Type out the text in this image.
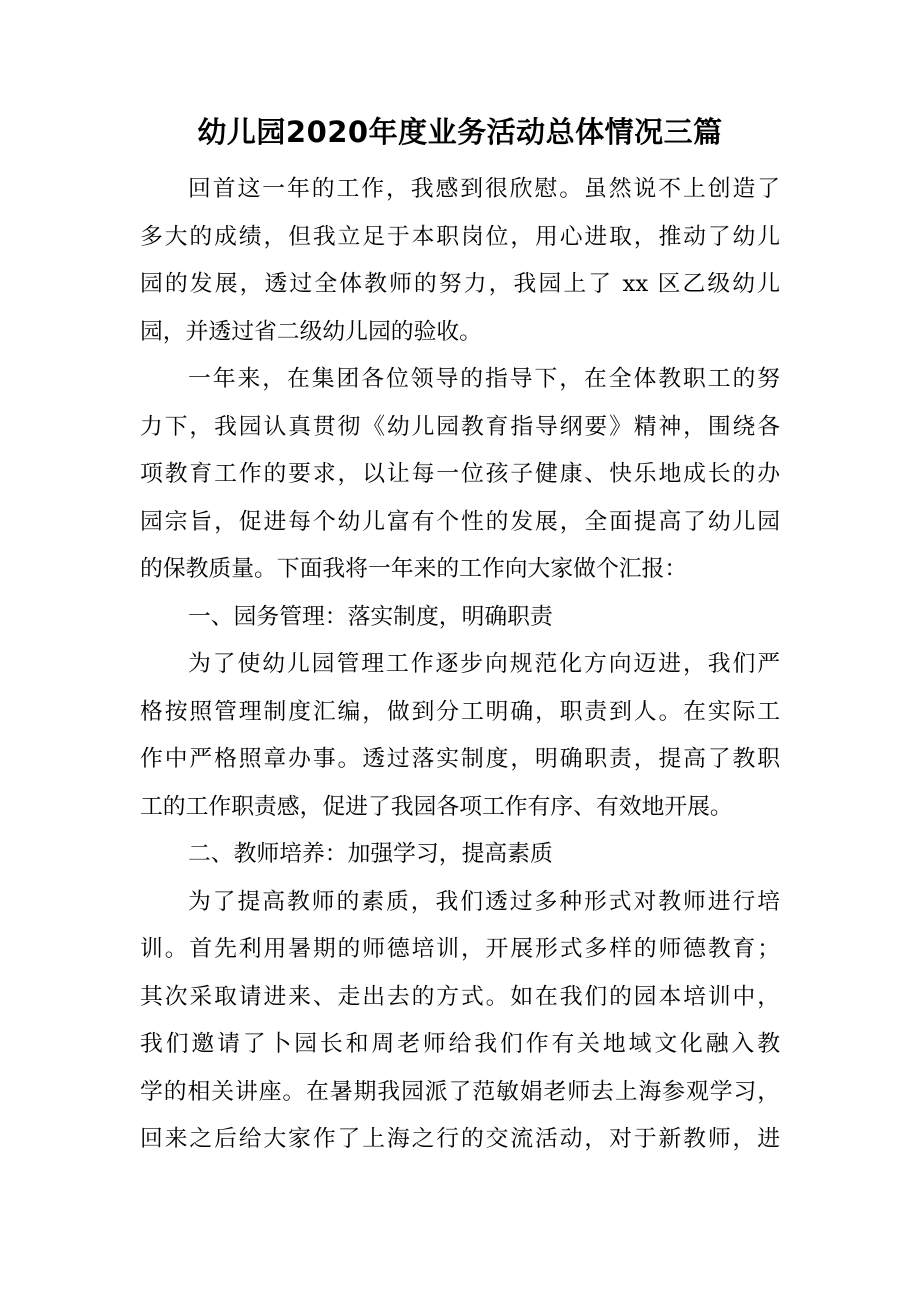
幼儿园2020年度业务活动总体情况三篇

回首这一年的工作，我感到很欣慰。虽然说不上创造了
多大的成绩，但我立足于本职岗位，用心进取，推动了幼儿
园的发展，透过全体教师的努力，我园上了 xx 区乙级幼儿
园，并透过省二级幼儿园的验收。

一年来，在集团各位领导的指导下，在全体教职工的努
力下，我园认真贯彻《幼儿园教育指导纲要》精神，围绕各
项教育工作的要求，以让每一位孩子健康、快乐地成长的办
园宗旨，促进每个幼儿富有个性的发展，全面提高了幼儿园
的保教质量。下面我将一年来的工作向大家做个汇报：

一、园务管理：落实制度，明确职责

为了使幼儿园管理工作逐步向规范化方向迈进，我们严
格按照管理制度汇编，做到分工明确，职责到人。在实际工
作中严格照章办事。透过落实制度，明确职责，提高了教职
工的工作职责感，促进了我园各项工作有序、有效地开展。

二、教师培养：加强学习，提高素质

为了提高教师的素质，我们透过多种形式对教师进行培
训。首先利用暑期的师德培训，开展形式多样的师德教育；
其次采取请进来、走出去的方式。如在我们的园本培训中，
我们邀请了卜园长和周老师给我们作有关地域文化融入教
学的相关讲座。在暑期我园派了范敏娟老师去上海参观学习，
回来之后给大家作了上海之行的交流活动，对于新教师，进
